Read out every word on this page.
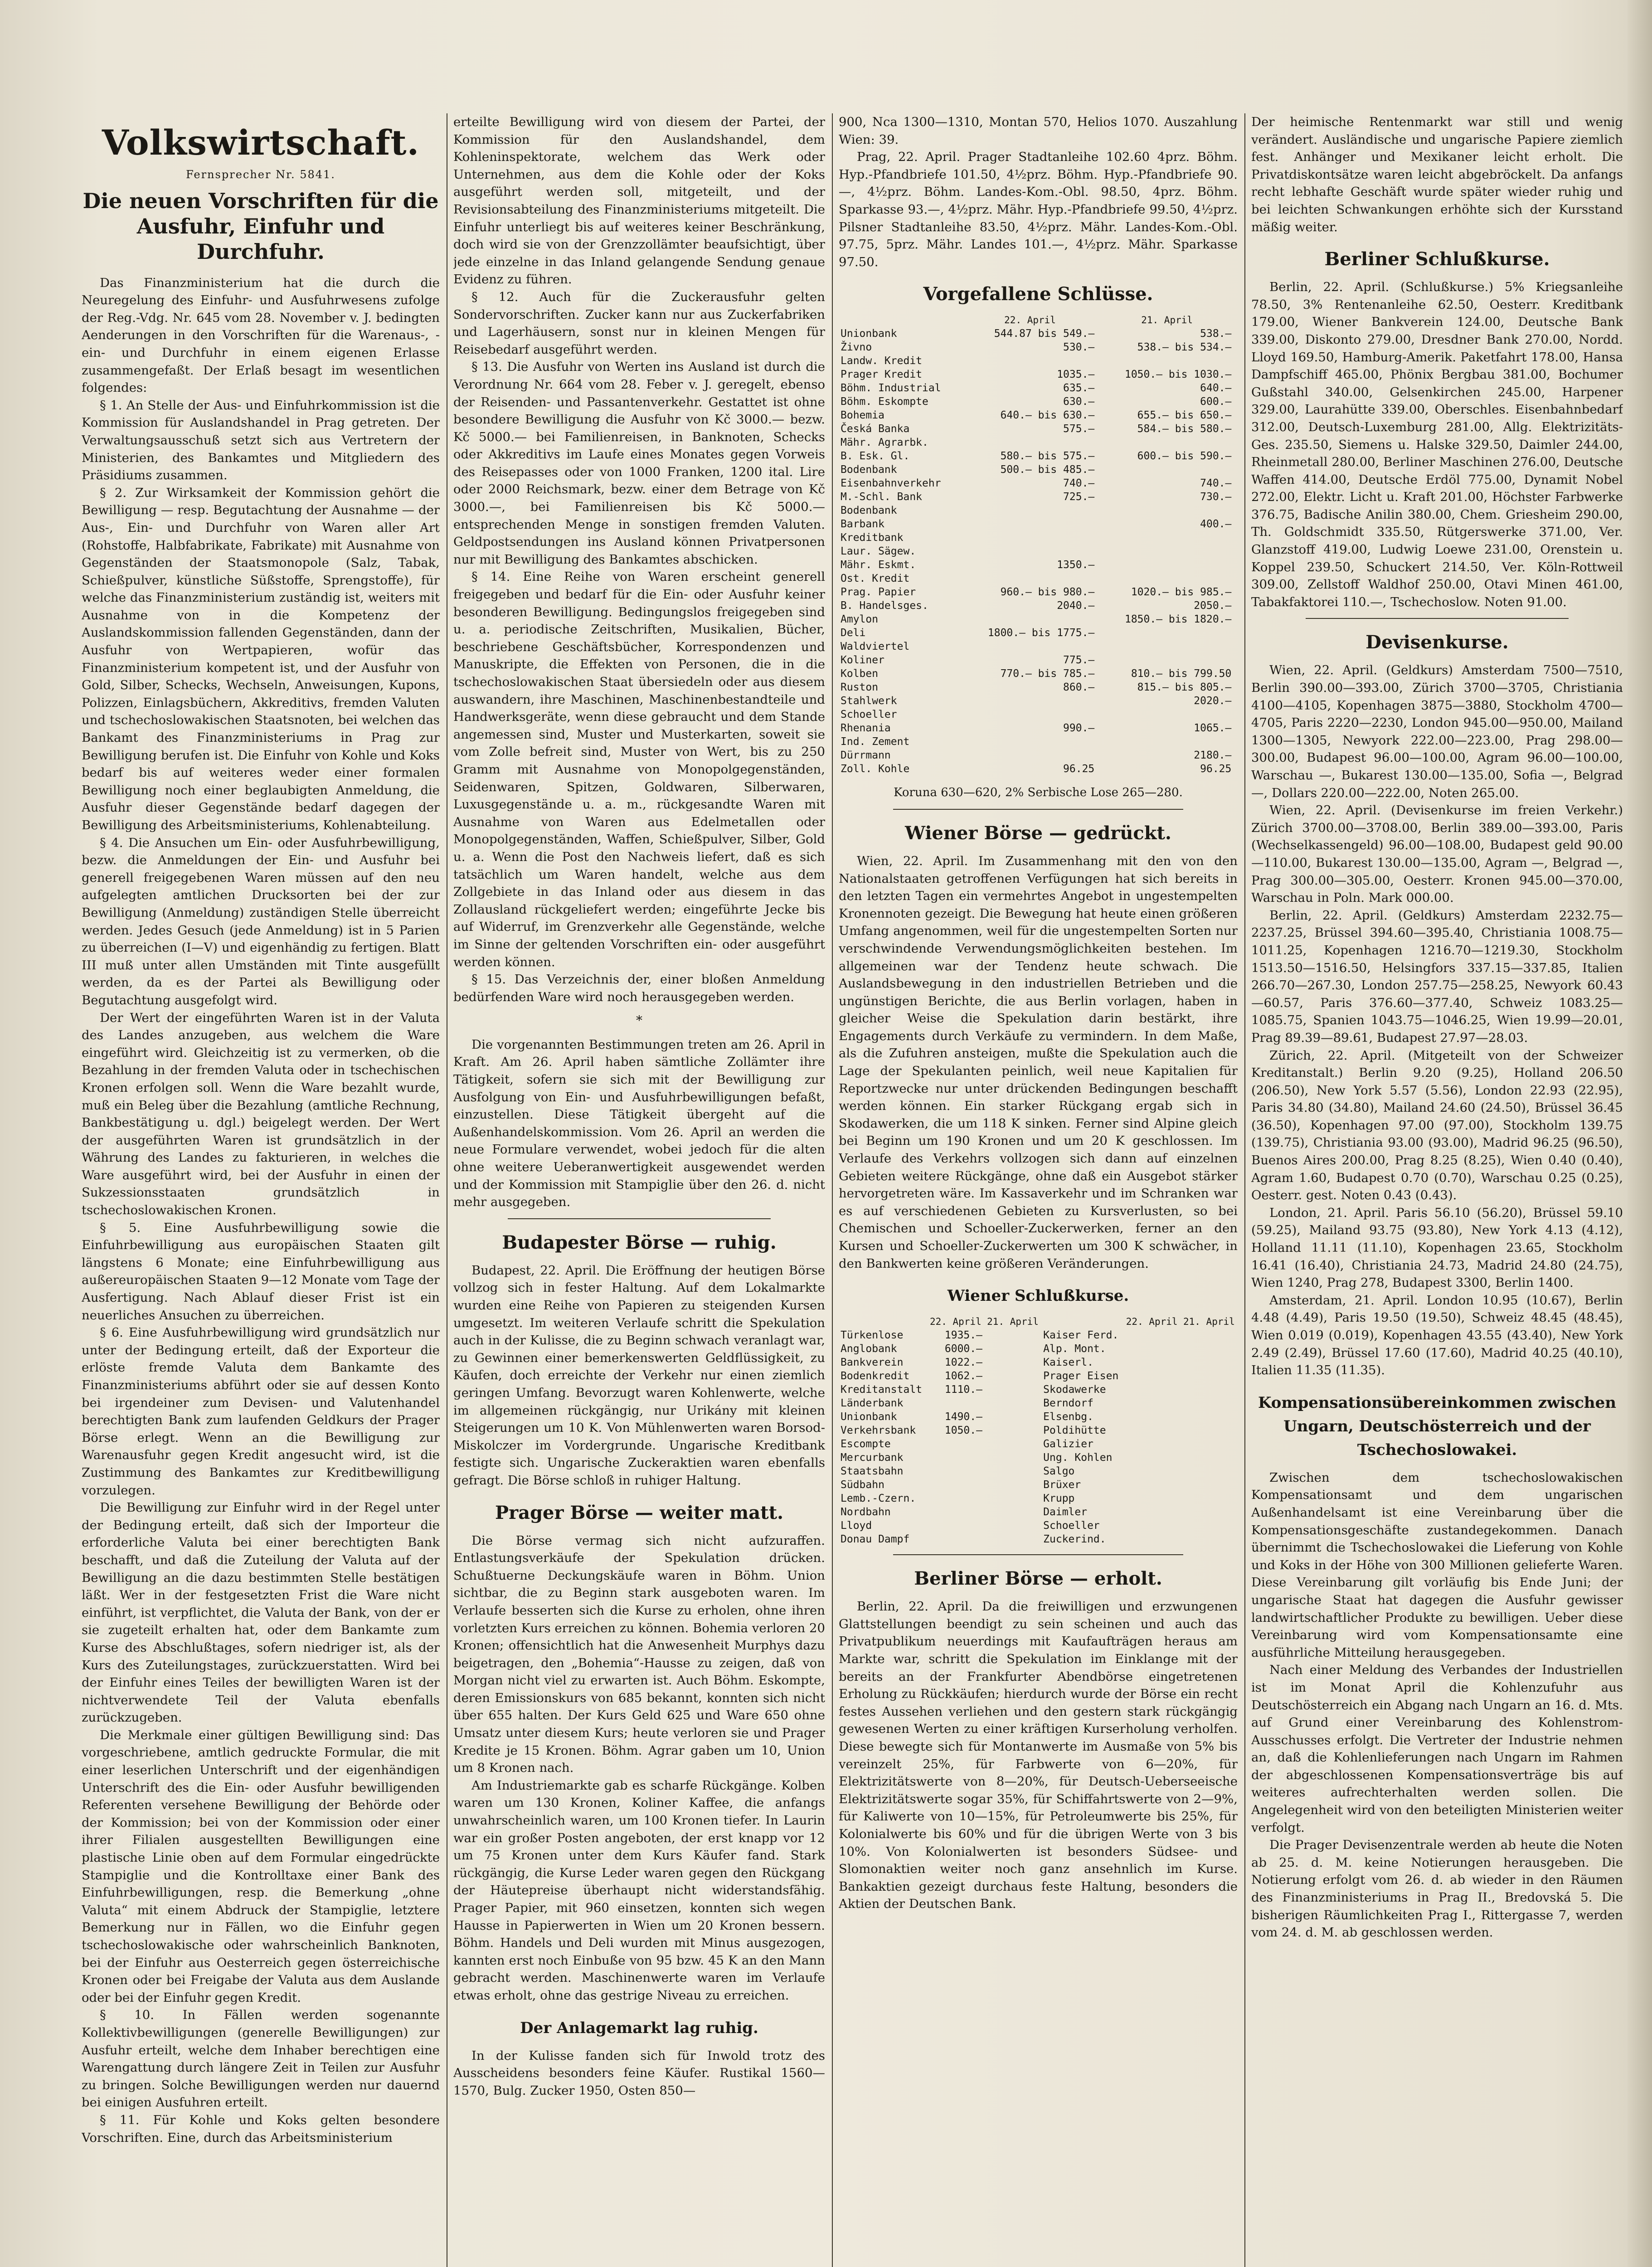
Volkswirtschaft.
Fernsprecher Nr. 5841.
Die neuen Vorschriften für die Ausfuhr, Einfuhr und Durchfuhr.

Das Finanzministerium hat die durch die Neuregelung des Einfuhr- und Ausfuhrwesens zufolge der Reg.-Vdg. Nr. 645 vom 28. November v. J. bedingten Aenderungen in den Vorschriften für die Warenaus-, -ein- und Durchfuhr in einem eigenen Erlasse zusammengefaßt. Der Erlaß besagt im wesentlichen folgendes:

§ 1. An Stelle der Aus- und Einfuhrkommission ist die Kommission für Auslandshandel in Prag getreten. Der Verwaltungsausschuß setzt sich aus Vertretern der Ministerien, des Bankamtes und Mitgliedern des Präsidiums zusammen.

§ 2. Zur Wirksamkeit der Kommission gehört die Bewilligung — resp. Begutachtung der Ausnahme — der Aus-, Ein- und Durchfuhr von Waren aller Art (Rohstoffe, Halbfabrikate, Fabrikate) mit Ausnahme von Gegenständen der Staatsmonopole (Salz, Tabak, Schießpulver, künstliche Süßstoffe, Sprengstoffe), für welche das Finanzministerium zuständig ist, weiters mit Ausnahme von in die Kompetenz der Auslandskommission fallenden Gegenständen, dann der Ausfuhr von Wertpapieren, wofür das Finanzministerium kompetent ist, und der Ausfuhr von Gold, Silber, Schecks, Wechseln, Anweisungen, Kupons, Polizzen, Einlagsbüchern, Akkreditivs, fremden Valuten und tschechoslowakischen Staatsnoten, bei welchen das Bankamt des Finanzministeriums in Prag zur Bewilligung berufen ist. Die Einfuhr von Kohle und Koks bedarf bis auf weiteres weder einer formalen Bewilligung noch einer beglaubigten Anmeldung, die Ausfuhr dieser Gegenstände bedarf dagegen der Bewilligung des Arbeitsministeriums, Kohlenabteilung.

§ 4. Die Ansuchen um Ein- oder Ausfuhrbewilligung, bezw. die Anmeldungen der Ein- und Ausfuhr bei generell freigegebenen Waren müssen auf den neu aufgelegten amtlichen Drucksorten bei der zur Bewilligung (Anmeldung) zuständigen Stelle überreicht werden. Jedes Gesuch (jede Anmeldung) ist in 5 Parien zu überreichen (I—V) und eigenhändig zu fertigen. Blatt III muß unter allen Umständen mit Tinte ausgefüllt werden, da es der Partei als Bewilligung oder Begutachtung ausgefolgt wird.

Der Wert der eingeführten Waren ist in der Valuta des Landes anzugeben, aus welchem die Ware eingeführt wird. Gleichzeitig ist zu vermerken, ob die Bezahlung in der fremden Valuta oder in tschechischen Kronen erfolgen soll. Wenn die Ware bezahlt wurde, muß ein Beleg über die Bezahlung (amtliche Rechnung, Bankbestätigung u. dgl.) beigelegt werden. Der Wert der ausgeführten Waren ist grundsätzlich in der Währung des Landes zu fakturieren, in welches die Ware ausgeführt wird, bei der Ausfuhr in einen der Sukzessionsstaaten grundsätzlich in tschechoslowakischen Kronen.

§ 5. Eine Ausfuhrbewilligung sowie die Einfuhrbewilligung aus europäischen Staaten gilt längstens 6 Monate; eine Einfuhrbewilligung aus außereuropäischen Staaten 9—12 Monate vom Tage der Ausfertigung. Nach Ablauf dieser Frist ist ein neuerliches Ansuchen zu überreichen.

§ 6. Eine Ausfuhrbewilligung wird grundsätzlich nur unter der Bedingung erteilt, daß der Exporteur die erlöste fremde Valuta dem Bankamte des Finanzministeriums abführt oder sie auf dessen Konto bei irgendeiner zum Devisen- und Valutenhandel berechtigten Bank zum laufenden Geldkurs der Prager Börse erlegt. Wenn an die Bewilligung zur Warenausfuhr gegen Kredit angesucht wird, ist die Zustimmung des Bankamtes zur Kreditbewilligung vorzulegen.

Die Bewilligung zur Einfuhr wird in der Regel unter der Bedingung erteilt, daß sich der Importeur die erforderliche Valuta bei einer berechtigten Bank beschafft, und daß die Zuteilung der Valuta auf der Bewilligung an die dazu bestimmten Stelle bestätigen läßt. Wer in der festgesetzten Frist die Ware nicht einführt, ist verpflichtet, die Valuta der Bank, von der er sie zugeteilt erhalten hat, oder dem Bankamte zum Kurse des Abschlußtages, sofern niedriger ist, als der Kurs des Zuteilungstages, zurückzuerstatten. Wird bei der Einfuhr eines Teiles der bewilligten Waren ist der nichtverwendete Teil der Valuta ebenfalls zurückzugeben.

Die Merkmale einer gültigen Bewilligung sind: Das vorgeschriebene, amtlich gedruckte Formular, die mit einer leserlichen Unterschrift und der eigenhändigen Unterschrift des die Ein- oder Ausfuhr bewilligenden Referenten versehene Bewilligung der Behörde oder der Kommission; bei von der Kommission oder einer ihrer Filialen ausgestellten Bewilligungen eine plastische Linie oben auf dem Formular eingedrückte Stampiglie und die Kontrolltaxe einer Bank des Einfuhrbewilligungen, resp. die Bemerkung „ohne Valuta“ mit einem Abdruck der Stampiglie, letztere Bemerkung nur in Fällen, wo die Einfuhr gegen tschechoslowakische oder wahrscheinlich Banknoten, bei der Einfuhr aus Oesterreich gegen österreichische Kronen oder bei Freigabe der Valuta aus dem Auslande oder bei der Einfuhr gegen Kredit.

§ 10. In Fällen werden sogenannte Kollektivbewilligungen (generelle Bewilligungen) zur Ausfuhr erteilt, welche dem Inhaber berechtigen eine Warengattung durch längere Zeit in Teilen zur Ausfuhr zu bringen. Solche Bewilligungen werden nur dauernd bei einigen Ausfuhren erteilt.

§ 11. Für Kohle und Koks gelten besondere Vorschriften. Eine, durch das Arbeitsministerium

erteilte Bewilligung wird von diesem der Partei, der Kommission für den Auslandshandel, dem Kohleninspektorate, welchem das Werk oder Unternehmen, aus dem die Kohle oder der Koks ausgeführt werden soll, mitgeteilt, und der Revisionsabteilung des Finanzministeriums mitgeteilt. Die Einfuhr unterliegt bis auf weiteres keiner Beschränkung, doch wird sie von der Grenzzollämter beaufsichtigt, über jede einzelne in das Inland gelangende Sendung genaue Evidenz zu führen.

§ 12. Auch für die Zuckerausfuhr gelten Sondervorschriften. Zucker kann nur aus Zuckerfabriken und Lagerhäusern, sonst nur in kleinen Mengen für Reisebedarf ausgeführt werden.

§ 13. Die Ausfuhr von Werten ins Ausland ist durch die Verordnung Nr. 664 vom 28. Feber v. J. geregelt, ebenso der Reisenden- und Passantenverkehr. Gestattet ist ohne besondere Bewilligung die Ausfuhr von Kč 3000.— bezw. Kč 5000.— bei Familienreisen, in Banknoten, Schecks oder Akkreditivs im Laufe eines Monates gegen Vorweis des Reisepasses oder von 1000 Franken, 1200 ital. Lire oder 2000 Reichsmark, bezw. einer dem Betrage von Kč 3000.—, bei Familienreisen bis Kč 5000.— entsprechenden Menge in sonstigen fremden Valuten. Geldpostsendungen ins Ausland können Privatpersonen nur mit Bewilligung des Bankamtes abschicken.

§ 14. Eine Reihe von Waren erscheint generell freigegeben und bedarf für die Ein- oder Ausfuhr keiner besonderen Bewilligung. Bedingungslos freigegeben sind u. a. periodische Zeitschriften, Musikalien, Bücher, beschriebene Geschäftsbücher, Korrespondenzen und Manuskripte, die Effekten von Personen, die in die tschechoslowakischen Staat übersiedeln oder aus diesem auswandern, ihre Maschinen, Maschinenbestandteile und Handwerksgeräte, wenn diese gebraucht und dem Stande angemessen sind, Muster und Musterkarten, soweit sie vom Zolle befreit sind, Muster von Wert, bis zu 250 Gramm mit Ausnahme von Monopolgegenständen, Seidenwaren, Spitzen, Goldwaren, Silberwaren, Luxusgegenstände u. a. m., rückgesandte Waren mit Ausnahme von Waren aus Edelmetallen oder Monopolgegenständen, Waffen, Schießpulver, Silber, Gold u. a. Wenn die Post den Nachweis liefert, daß es sich tatsächlich um Waren handelt, welche aus dem Zollgebiete in das Inland oder aus diesem in das Zollausland rückgeliefert werden; eingeführte Jecke bis auf Widerruf, im Grenzverkehr alle Gegenstände, welche im Sinne der geltenden Vorschriften ein- oder ausgeführt werden können.

§ 15. Das Verzeichnis der, einer bloßen Anmeldung bedürfenden Ware wird noch herausgegeben werden.

*

Die vorgenannten Bestimmungen treten am 26. April in Kraft. Am 26. April haben sämtliche Zollämter ihre Tätigkeit, sofern sie sich mit der Bewilligung zur Ausfolgung von Ein- und Ausfuhrbewilligungen befaßt, einzustellen. Diese Tätigkeit übergeht auf die Außenhandelskommission. Vom 26. April an werden die neue Formulare verwendet, wobei jedoch für die alten ohne weitere Ueberanwertigkeit ausgewendet werden und der Kommission mit Stampiglie über den 26. d. nicht mehr ausgegeben.

Budapester Börse — ruhig.

Budapest, 22. April. Die Eröffnung der heutigen Börse vollzog sich in fester Haltung. Auf dem Lokalmarkte wurden eine Reihe von Papieren zu steigenden Kursen umgesetzt. Im weiteren Verlaufe schritt die Spekulation auch in der Kulisse, die zu Beginn schwach veranlagt war, zu Gewinnen einer bemerkenswerten Geldflüssigkeit, zu Käufen, doch erreichte der Verkehr nur einen ziemlich geringen Umfang. Bevorzugt waren Kohlenwerte, welche im allgemeinen rückgängig, nur Urikány mit kleinen Steigerungen um 10 K. Von Mühlenwerten waren Borsod-Miskolczer im Vordergrunde. Ungarische Kreditbank festigte sich. Ungarische Zuckeraktien waren ebenfalls gefragt. Die Börse schloß in ruhiger Haltung.

Prager Börse — weiter matt.

Die Börse vermag sich nicht aufzuraffen. Entlastungsverkäufe der Spekulation drücken. Schußtuerne Deckungskäufe waren in Böhm. Union sichtbar, die zu Beginn stark ausgeboten waren. Im Verlaufe besserten sich die Kurse zu erholen, ohne ihren vorletzten Kurs erreichen zu können. Bohemia verloren 20 Kronen; offensichtlich hat die Anwesenheit Murphys dazu beigetragen, den „Bohemia“-Hausse zu zeigen, daß von Morgan nicht viel zu erwarten ist. Auch Böhm. Eskompte, deren Emissionskurs von 685 bekannt, konnten sich nicht über 655 halten. Der Kurs Geld 625 und Ware 650 ohne Umsatz unter diesem Kurs; heute verloren sie und Prager Kredite je 15 Kronen. Böhm. Agrar gaben um 10, Union um 8 Kronen nach.

Am Industriemarkte gab es scharfe Rückgänge. Kolben waren um 130 Kronen, Koliner Kaffee, die anfangs unwahrscheinlich waren, um 100 Kronen tiefer. In Laurin war ein großer Posten angeboten, der erst knapp vor 12 um 75 Kronen unter dem Kurs Käufer fand. Stark rückgängig, die Kurse Leder waren gegen den Rückgang der Häutepreise überhaupt nicht widerstandsfähig. Prager Papier, mit 960 einsetzen, konnten sich wegen Hausse in Papierwerten in Wien um 20 Kronen bessern. Böhm. Handels und Deli wurden mit Minus ausgezogen, kannten erst noch Einbuße von 95 bzw. 45 K an den Mann gebracht werden. Maschinenwerte waren im Verlaufe etwas erholt, ohne das gestrige Niveau zu erreichen.

Der Anlagemarkt lag ruhig.

In der Kulisse fanden sich für Inwold trotz des Ausscheidens besonders feine Käufer. Rustikal 1560—1570, Bulg. Zucker 1950, Osten 850—

900, Nca 1300—1310, Montan 570, Helios 1070. Auszahlung Wien: 39.

Prag, 22. April. Prager Stadtanleihe 102.60 4prz. Böhm. Hyp.-Pfandbriefe 101.50, 4½prz. Böhm. Hyp.-Pfandbriefe 90.—, 4½prz. Böhm. Landes-Kom.-Obl. 98.50, 4prz. Böhm. Sparkasse 93.—, 4½prz. Mähr. Hyp.-Pfandbriefe 99.50, 4½prz. Pilsner Stadtanleihe 83.50, 4½prz. Mähr. Landes-Kom.-Obl. 97.75, 5prz. Mähr. Landes 101.—, 4½prz. Mähr. Sparkasse 97.50.

Vorgefallene Schlüsse.
	22. April		21. April	
Unionbank	544.87 bis 549.—		538.—	
Živno	530.—		538.— bis 534.—	
Landw. Kredit				
Prager Kredit	1035.—		1050.— bis 1030.—	
Böhm. Industrial	635.—		640.—	
Böhm. Eskompte	630.—		600.—	
Bohemia	640.— bis 630.—		655.— bis 650.—	
Česká Banka	575.—		584.— bis 580.—	
Mähr. Agrarbk.				
B. Esk. Gl.	580.— bis 575.—		600.— bis 590.—	
Bodenbank	500.— bis 485.—			
Eisenbahnverkehr	740.—		740.—	
M.-Schl. Bank	725.—		730.—	
Bodenbank				
Barbank			400.—	
Kreditbank				
Laur. Sägew.				
Mähr. Eskmt.	1350.—			
Ost. Kredit				
Prag. Papier	960.— bis 980.—		1020.— bis 985.—	
B. Handelsges.	2040.—		2050.—	
Amylon			1850.— bis 1820.—	
Deli	1800.— bis 1775.—			
Waldviertel				
Koliner	775.—			
Kolben	770.— bis 785.—		810.— bis 799.50	
Ruston	860.—		815.— bis 805.—	
Stahlwerk			2020.—	
Schoeller				
Rhenania	990.—		1065.—	
Ind. Zement				
Dürrmann			2180.—	
Zoll. Kohle	96.25		96.25	

Koruna 630—620, 2% Serbische Lose 265—280.

Wiener Börse — gedrückt.

Wien, 22. April. Im Zusammenhang mit den von den Nationalstaaten getroffenen Verfügungen hat sich bereits in den letzten Tagen ein vermehrtes Angebot in ungestempelten Kronennoten gezeigt. Die Bewegung hat heute einen größeren Umfang angenommen, weil für die ungestempelten Sorten nur verschwindende Verwendungsmöglichkeiten bestehen. Im allgemeinen war der Tendenz heute schwach. Die Auslandsbewegung in den industriellen Betrieben und die ungünstigen Berichte, die aus Berlin vorlagen, haben in gleicher Weise die Spekulation darin bestärkt, ihre Engagements durch Verkäufe zu vermindern. In dem Maße, als die Zufuhren ansteigen, mußte die Spekulation auch die Lage der Spekulanten peinlich, weil neue Kapitalien für Reportzwecke nur unter drückenden Bedingungen beschafft werden können. Ein starker Rückgang ergab sich in Skodawerken, die um 118 K sinken. Ferner sind Alpine gleich bei Beginn um 190 Kronen und um 20 K geschlossen. Im Verlaufe des Verkehrs vollzogen sich dann auf einzelnen Gebieten weitere Rückgänge, ohne daß ein Ausgebot stärker hervorgetreten wäre. Im Kassaverkehr und im Schranken war es auf verschiedenen Gebieten zu Kursverlusten, so bei Chemischen und Schoeller-Zuckerwerken, ferner an den Kursen und Schoeller-Zuckerwerten um 300 K schwächer, in den Bankwerten keine größeren Veränderungen.

Wiener Schlußkurse.
	22. April	21. April		22. April	21. April
Türkenlose	1935.—		Kaiser Ferd.		
Anglobank	6000.—		Alp. Mont.		
Bankverein	1022.—		Kaiserl.		
Bodenkredit	1062.—		Prager Eisen		
Kreditanstalt	1110.—		Skodawerke		
Länderbank			Berndorf		
Unionbank	1490.—		Elsenbg.		
Verkehrsbank	1050.—		Poldihütte		
Escompte			Galizier		
Mercurbank			Ung. Kohlen		
Staatsbahn			Salgo		
Südbahn			Brüxer		
Lemb.-Czern.			Krupp		
Nordbahn			Daimler		
Lloyd			Schoeller		
Donau Dampf			Zuckerind.		
Berliner Börse — erholt.

Berlin, 22. April. Da die freiwilligen und erzwungenen Glattstellungen beendigt zu sein scheinen und auch das Privatpublikum neuerdings mit Kaufaufträgen heraus am Markte war, schritt die Spekulation im Einklange mit der bereits an der Frankfurter Abendbörse eingetretenen Erholung zu Rückkäufen; hierdurch wurde der Börse ein recht festes Aussehen verliehen und den gestern stark rückgängig gewesenen Werten zu einer kräftigen Kurserholung verholfen. Diese bewegte sich für Montanwerte im Ausmaße von 5% bis vereinzelt 25%, für Farbwerte von 6—20%, für Elektrizitätswerte von 8—20%, für Deutsch-Ueberseeische Elektrizitätswerte sogar 35%, für Schiffahrtswerte von 2—9%, für Kaliwerte von 10—15%, für Petroleumwerte bis 25%, für Kolonialwerte bis 60% und für die übrigen Werte von 3 bis 10%. Von Kolonialwerten ist besonders Südsee- und Slomonaktien weiter noch ganz ansehnlich im Kurse. Bankaktien gezeigt durchaus feste Haltung, besonders die Aktien der Deutschen Bank.

Der heimische Rentenmarkt war still und wenig verändert. Ausländische und ungarische Papiere ziemlich fest. Anhänger und Mexikaner leicht erholt. Die Privatdiskontsätze waren leicht abgebröckelt. Da anfangs recht lebhafte Geschäft wurde später wieder ruhig und bei leichten Schwankungen erhöhte sich der Kursstand mäßig weiter.

Berliner Schlußkurse.

Berlin, 22. April. (Schlußkurse.) 5% Kriegsanleihe 78.50, 3% Rentenanleihe 62.50, Oesterr. Kreditbank 179.00, Wiener Bankverein 124.00, Deutsche Bank 339.00, Diskonto 279.00, Dresdner Bank 270.00, Nordd. Lloyd 169.50, Hamburg-Amerik. Paketfahrt 178.00, Hansa Dampfschiff 465.00, Phönix Bergbau 381.00, Bochumer Gußstahl 340.00, Gelsenkirchen 245.00, Harpener 329.00, Laurahütte 339.00, Oberschles. Eisenbahnbedarf 312.00, Deutsch-Luxemburg 281.00, Allg. Elektrizitäts-Ges. 235.50, Siemens u. Halske 329.50, Daimler 244.00, Rheinmetall 280.00, Berliner Maschinen 276.00, Deutsche Waffen 414.00, Deutsche Erdöl 775.00, Dynamit Nobel 272.00, Elektr. Licht u. Kraft 201.00, Höchster Farbwerke 376.75, Badische Anilin 380.00, Chem. Griesheim 290.00, Th. Goldschmidt 335.50, Rütgerswerke 371.00, Ver. Glanzstoff 419.00, Ludwig Loewe 231.00, Orenstein u. Koppel 239.50, Schuckert 214.50, Ver. Köln-Rottweil 309.00, Zellstoff Waldhof 250.00, Otavi Minen 461.00, Tabakfaktorei 110.—, Tschechoslow. Noten 91.00.

Devisenkurse.

Wien, 22. April. (Geldkurs) Amsterdam 7500—7510, Berlin 390.00—393.00, Zürich 3700—3705, Christiania 4100—4105, Kopenhagen 3875—3880, Stockholm 4700—4705, Paris 2220—2230, London 945.00—950.00, Mailand 1300—1305, Newyork 222.00—223.00, Prag 298.00—300.00, Budapest 96.00—100.00, Agram 96.00—100.00, Warschau —, Bukarest 130.00—135.00, Sofia —, Belgrad —, Dollars 220.00—222.00, Noten 265.00.

Wien, 22. April. (Devisenkurse im freien Verkehr.) Zürich 3700.00—3708.00, Berlin 389.00—393.00, Paris (Wechselkassengeld) 96.00—108.00, Budapest geld 90.00—110.00, Bukarest 130.00—135.00, Agram —, Belgrad —, Prag 300.00—305.00, Oesterr. Kronen 945.00—370.00, Warschau in Poln. Mark 000.00.

Berlin, 22. April. (Geldkurs) Amsterdam 2232.75—2237.25, Brüssel 394.60—395.40, Christiania 1008.75—1011.25, Kopenhagen 1216.70—1219.30, Stockholm 1513.50—1516.50, Helsingfors 337.15—337.85, Italien 266.70—267.30, London 257.75—258.25, Newyork 60.43—60.57, Paris 376.60—377.40, Schweiz 1083.25—1085.75, Spanien 1043.75—1046.25, Wien 19.99—20.01, Prag 89.39—89.61, Budapest 27.97—28.03.

Zürich, 22. April. (Mitgeteilt von der Schweizer Kreditanstalt.) Berlin 9.20 (9.25), Holland 206.50 (206.50), New York 5.57 (5.56), London 22.93 (22.95), Paris 34.80 (34.80), Mailand 24.60 (24.50), Brüssel 36.45 (36.50), Kopenhagen 97.00 (97.00), Stockholm 139.75 (139.75), Christiania 93.00 (93.00), Madrid 96.25 (96.50), Buenos Aires 200.00, Prag 8.25 (8.25), Wien 0.40 (0.40), Agram 1.60, Budapest 0.70 (0.70), Warschau 0.25 (0.25), Oesterr. gest. Noten 0.43 (0.43).

London, 21. April. Paris 56.10 (56.20), Brüssel 59.10 (59.25), Mailand 93.75 (93.80), New York 4.13 (4.12), Holland 11.11 (11.10), Kopenhagen 23.65, Stockholm 16.41 (16.40), Christiania 24.73, Madrid 24.80 (24.75), Wien 1240, Prag 278, Budapest 3300, Berlin 1400.

Amsterdam, 21. April. London 10.95 (10.67), Berlin 4.48 (4.49), Paris 19.50 (19.50), Schweiz 48.45 (48.45), Wien 0.019 (0.019), Kopenhagen 43.55 (43.40), New York 2.49 (2.49), Brüssel 17.60 (17.60), Madrid 40.25 (40.10), Italien 11.35 (11.35).

Kompensationsübereinkommen zwischen Ungarn, Deutschösterreich und der Tschechoslowakei.

Zwischen dem tschechoslowakischen Kompensationsamt und dem ungarischen Außenhandelsamt ist eine Vereinbarung über die Kompensationsgeschäfte zustandegekommen. Danach übernimmt die Tschechoslowakei die Lieferung von Kohle und Koks in der Höhe von 300 Millionen gelieferte Waren. Diese Vereinbarung gilt vorläufig bis Ende Juni; der ungarische Staat hat dagegen die Ausfuhr gewisser landwirtschaftlicher Produkte zu bewilligen. Ueber diese Vereinbarung wird vom Kompensationsamte eine ausführliche Mitteilung herausgegeben.

Nach einer Meldung des Verbandes der Industriellen ist im Monat April die Kohlenzufuhr aus Deutschösterreich ein Abgang nach Ungarn an 16. d. Mts. auf Grund einer Vereinbarung des Kohlenstrom-Ausschusses erfolgt. Die Vertreter der Industrie nehmen an, daß die Kohlenlieferungen nach Ungarn im Rahmen der abgeschlossenen Kompensationsverträge bis auf weiteres aufrechterhalten werden sollen. Die Angelegenheit wird von den beteiligten Ministerien weiter verfolgt.

Die Prager Devisenzentrale werden ab heute die Noten ab 25. d. M. keine Notierungen herausgeben. Die Notierung erfolgt vom 26. d. ab wieder in den Räumen des Finanzministeriums in Prag II., Bredovská 5. Die bisherigen Räumlichkeiten Prag I., Rittergasse 7, werden vom 24. d. M. ab geschlossen werden.
